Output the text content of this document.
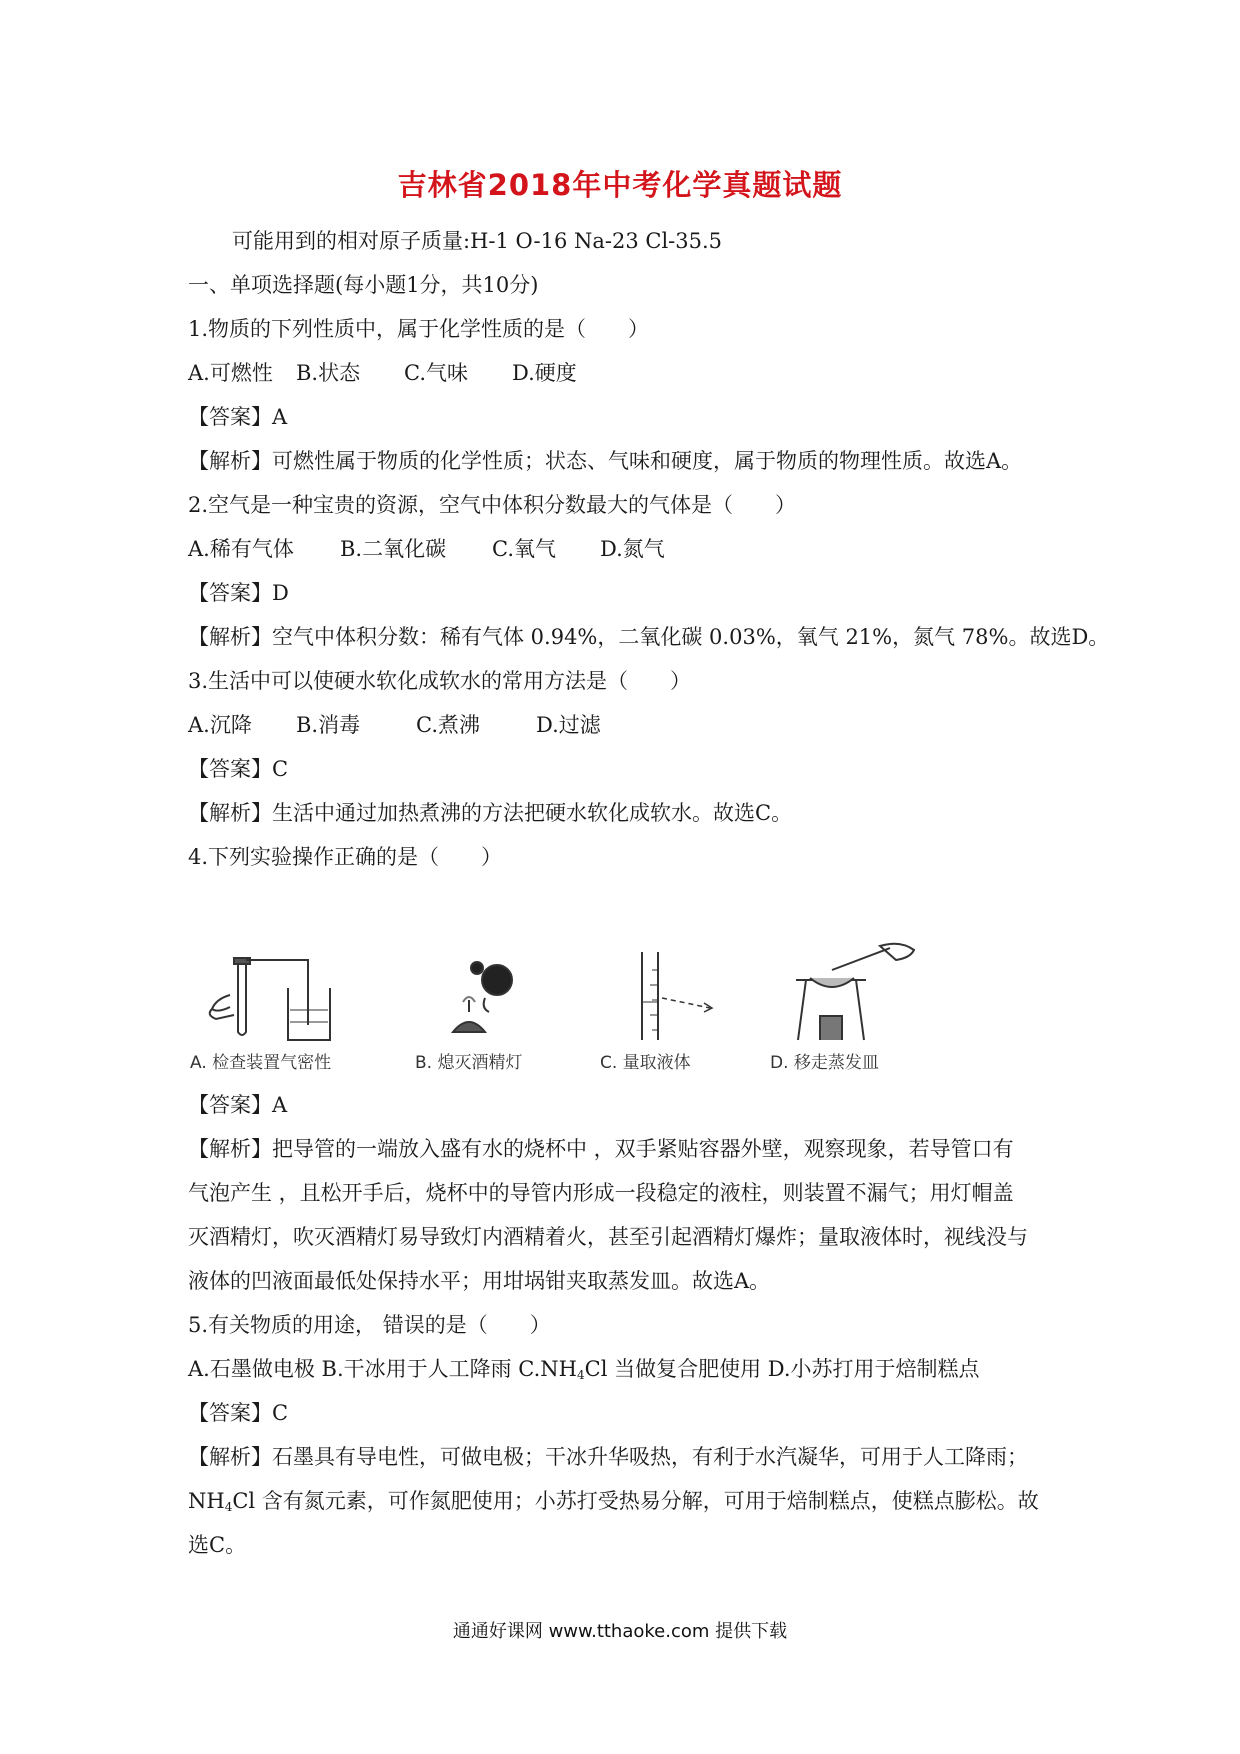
吉林省2018年中考化学真题试题
可能用到的相对原子质量:H-1 O-16 Na-23 Cl-35.5
一、单项选择题(每小题1分，共10分)
1.物质的下列性质中，属于化学性质的是（　　）
A.可燃性 B.状态 C.气味 D.硬度
【答案】A
【解析】可燃性属于物质的化学性质；状态、气味和硬度，属于物质的物理性质。故选A。
2.空气是一种宝贵的资源，空气中体积分数最大的气体是（　　）
A.稀有气体 B.二氧化碳 C.氧气 D.氮气
【答案】D
【解析】空气中体积分数：稀有气体 0.94%，二氧化碳 0.03%，氧气 21%，氮气 78%。故选D。
3.生活中可以使硬水软化成软水的常用方法是（　　）
A.沉降 B.消毒	C.煮沸	D.过滤
【答案】C
【解析】生活中通过加热煮沸的方法把硬水软化成软水。故选C。
4.下列实验操作正确的是（　　）
A. 检查装置气密性	B. 熄灭酒精灯	C. 量取液体	D. 移走蒸发皿
【答案】A
【解析】把导管的一端放入盛有水的烧杯中 ，双手紧贴容器外壁，观察现象，若导管口有
气泡产生 ，且松开手后，烧杯中的导管内形成一段稳定的液柱，则装置不漏气；用灯帽盖
灭酒精灯，吹灭酒精灯易导致灯内酒精着火，甚至引起酒精灯爆炸；量取液体时，视线没与
液体的凹液面最低处保持水平；用坩埚钳夹取蒸发皿。故选A。
5.有关物质的用途， 错误的是（　　）
A.石墨做电极 B.干冰用于人工降雨 $C.NH_4Cl$ 当做复合肥使用 D.小苏打用于焙制糕点
【答案】C
【解析】石墨具有导电性，可做电极；干冰升华吸热，有利于水汽凝华，可用于人工降雨；
$NH_4Cl$ 含有氮元素，可作氮肥使用；小苏打受热易分解，可用于焙制糕点，使糕点膨松。故
选C。
通通好课网 www.tthaoke.com 提供下载
